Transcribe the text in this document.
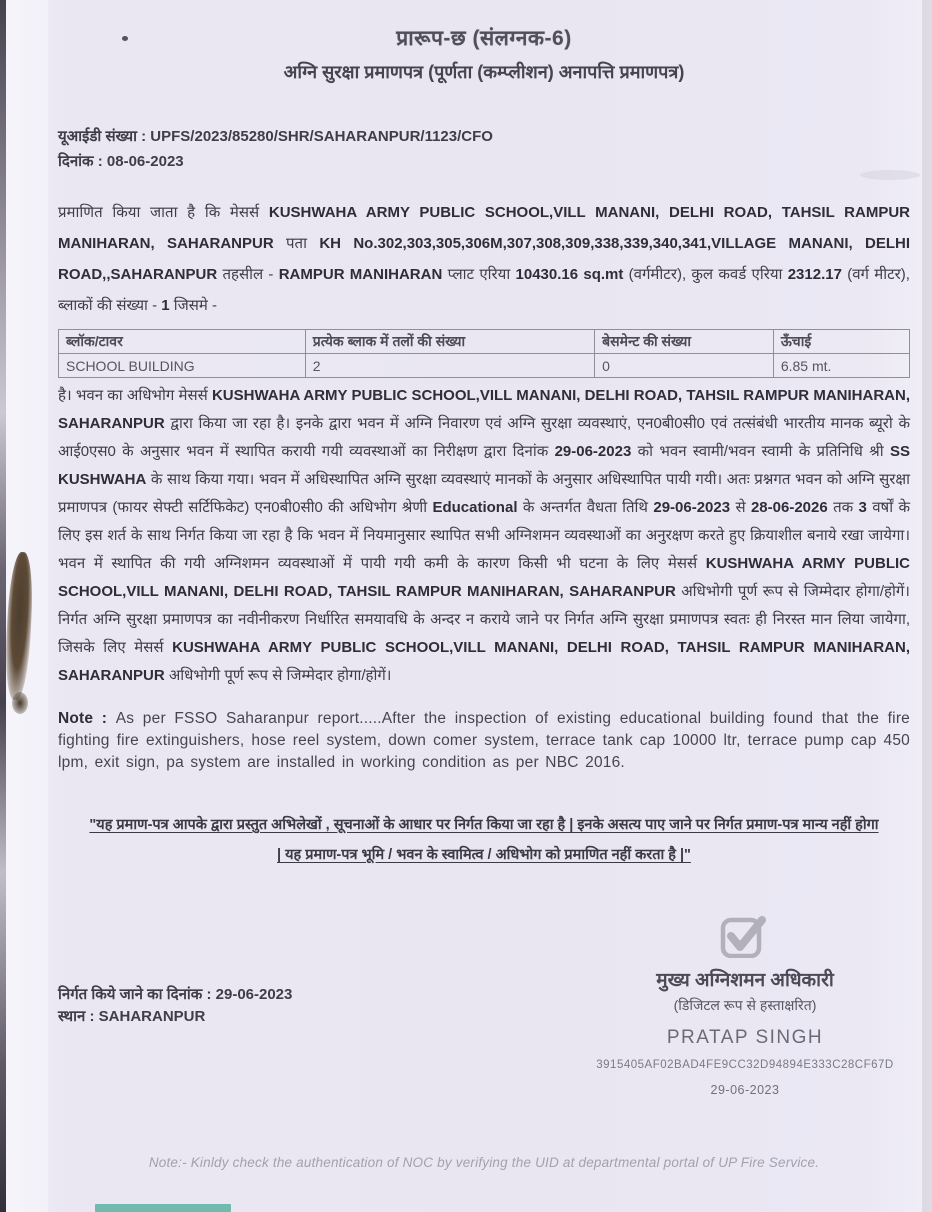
प्रारूप-छ (संलग्नक-6)
अग्नि सुरक्षा प्रमाणपत्र (पूर्णता (कम्प्लीशन) अनापत्ति प्रमाणपत्र)
यूआईडी संख्या : UPFS/2023/85280/SHR/SAHARANPUR/1123/CFO
दिनांक : 08-06-2023
प्रमाणित किया जाता है कि मेसर्स KUSHWAHA ARMY PUBLIC SCHOOL,VILL MANANI, DELHI ROAD, TAHSIL RAMPUR MANIHARAN, SAHARANPUR पता KH No.302,303,305,306M,307,308,309,338,339,340,341,VILLAGE MANANI, DELHI ROAD,,SAHARANPUR तहसील - RAMPUR MANIHARAN प्लाट एरिया 10430.16 sq.mt (वर्गमीटर), कुल कवर्ड एरिया 2312.17 (वर्ग मीटर), ब्लाकों की संख्या - 1 जिसमे -
ब्लॉक/टावर	प्रत्येक ब्लाक में तलों की संख्या	बेसमेन्ट की संख्या	ऊँचाई
SCHOOL BUILDING	2	0	6.85 mt.
है। भवन का अधिभोग मेसर्स KUSHWAHA ARMY PUBLIC SCHOOL,VILL MANANI, DELHI ROAD, TAHSIL RAMPUR MANIHARAN, SAHARANPUR द्वारा किया जा रहा है। इनके द्वारा भवन में अग्नि निवारण एवं अग्नि सुरक्षा व्यवस्थाएं, एन0बी0सी0 एवं तत्संबंधी भारतीय मानक ब्यूरो के आई0एस0 के अनुसार भवन में स्थापित करायी गयी व्यवस्थाओं का निरीक्षण द्वारा दिनांक 29-06-2023 को भवन स्वामी/भवन स्वामी के प्रतिनिधि श्री SS KUSHWAHA के साथ किया गया। भवन में अधिस्थापित अग्नि सुरक्षा व्यवस्थाएं मानकों के अनुसार अधिस्थापित पायी गयी। अतः प्रश्नगत भवन को अग्नि सुरक्षा प्रमाणपत्र (फायर सेफ्टी सर्टिफिकेट) एन0बी0सी0 की अधिभोग श्रेणी Educational के अन्तर्गत वैधता तिथि 29-06-2023 से 28-06-2026 तक 3 वर्षों के लिए इस शर्त के साथ निर्गत किया जा रहा है कि भवन में नियमानुसार स्थापित सभी अग्निशमन व्यवस्थाओं का अनुरक्षण करते हुए क्रियाशील बनाये रखा जायेगा। भवन में स्थापित की गयी अग्निशमन व्यवस्थाओं में पायी गयी कमी के कारण किसी भी घटना के लिए मेसर्स KUSHWAHA ARMY PUBLIC SCHOOL,VILL MANANI, DELHI ROAD, TAHSIL RAMPUR MANIHARAN, SAHARANPUR अधिभोगी पूर्ण रूप से जिम्मेदार होगा/होगें। निर्गत अग्नि सुरक्षा प्रमाणपत्र का नवीनीकरण निर्धारित समयावधि के अन्दर न कराये जाने पर निर्गत अग्नि सुरक्षा प्रमाणपत्र स्वतः ही निरस्त मान लिया जायेगा, जिसके लिए मेसर्स KUSHWAHA ARMY PUBLIC SCHOOL,VILL MANANI, DELHI ROAD, TAHSIL RAMPUR MANIHARAN, SAHARANPUR अधिभोगी पूर्ण रूप से जिम्मेदार होगा/होगें।
Note : As per FSSO Saharanpur report.....After the inspection of existing educational building found that the fire fighting fire extinguishers, hose reel system, down comer system, terrace tank cap 10000 ltr, terrace pump cap 450 lpm, exit sign, pa system are installed in working condition as per NBC 2016.
"यह प्रमाण-पत्र आपके द्वारा प्रस्तुत अभिलेखों , सूचनाओं के आधार पर निर्गत किया जा रहा है | इनके असत्य पाए जाने पर निर्गत प्रमाण-पत्र मान्य नहीं होगा | यह प्रमाण-पत्र भूमि / भवन के स्वामित्व / अधिभोग को प्रमाणित नहीं करता है |"
निर्गत किये जाने का दिनांक : 29-06-2023
स्थान : SAHARANPUR
मुख्य अग्निशमन अधिकारी
(डिजिटल रूप से हस्ताक्षरित)
PRATAP SINGH
3915405AF02BAD4FE9CC32D94894E333C28CF67D
29-06-2023
Note:- Kinldy check the authentication of NOC by verifying the UID at departmental portal of UP Fire Service.
